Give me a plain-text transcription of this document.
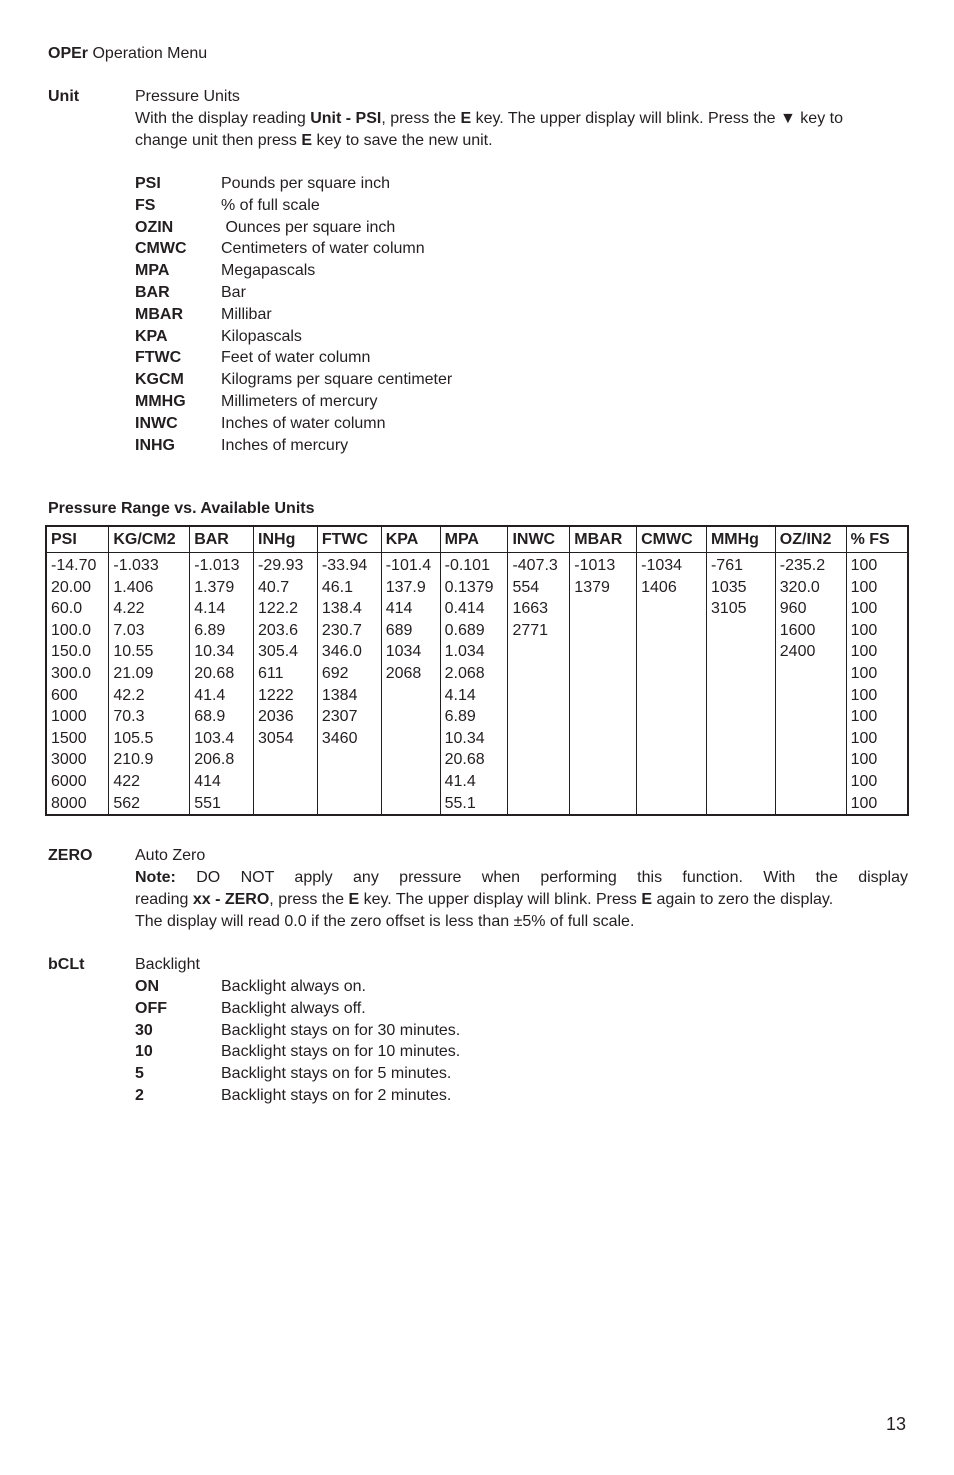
OPEr Operation Menu
Unit	Pressure Units
With the display reading Unit - PSI, press the E key. The upper display will blink. Press the ▼ key to
change unit then press E key to save the new unit.
PSI	Pounds per square inch
FS	% of full scale
OZIN	Ounces per square inch
CMWC Centimeters of water column
MPA	Megapascals
BAR	Bar
MBAR Millibar
KPA	Kilopascals
FTWC Feet of water column
KGCM Kilograms per square centimeter
MMHG Millimeters of mercury
INWC	Inches of water column
INHG	Inches of mercury
Pressure Range vs. Available Units
PSI	KG/CM2	BAR	INHg	FTWC	KPA	MPA	INWC	MBAR	CMWC	MMHg	OZ/IN2	% FS
-14.70	-1.033	-1.013	-29.93	-33.94	-101.4	-0.101	-407.3	-1013	-1034	-761	-235.2	100
20.00	1.406	1.379	40.7	46.1	137.9	0.1379	554	1379	1406	1035	320.0	100
60.0	4.22	4.14	122.2	138.4	414	0.414	1663			3105	960	100
100.0	7.03	6.89	203.6	230.7	689	0.689	2771				1600	100
150.0	10.55	10.34	305.4	346.0	1034	1.034					2400	100
300.0	21.09	20.68	611	692	2068	2.068						100
600	42.2	41.4	1222	1384		4.14						100
1000	70.3	68.9	2036	2307		6.89						100
1500	105.5	103.4	3054	3460		10.34						100
3000	210.9	206.8				20.68						100
6000	422	414				41.4						100
8000	562	551				55.1						100
ZERO	Auto Zero
Note: DO NOT apply any pressure when performing this function. With the display
reading xx - ZERO, press the E key. The upper display will blink. Press E again to zero the display.
The display will read 0.0 if the zero offset is less than ±5% of full scale.
bCLt	Backlight
ON	Backlight always on.
OFF	Backlight always off.
30	Backlight stays on for 30 minutes.
10	Backlight stays on for 10 minutes.
5	Backlight stays on for 5 minutes.
2	Backlight stays on for 2 minutes.
13
